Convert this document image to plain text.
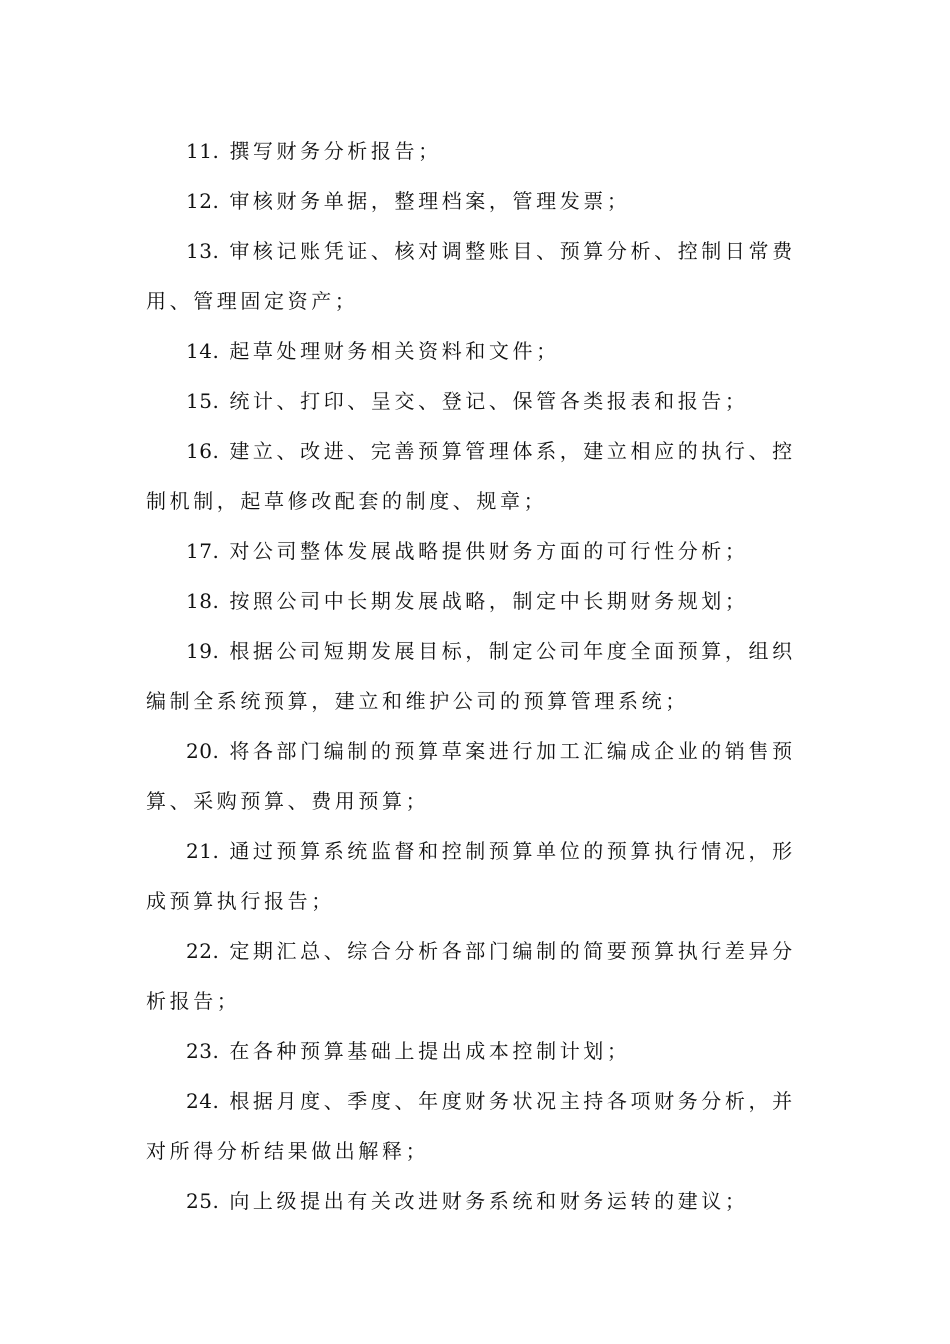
11. 撰写财务分析报告；

12. 审核财务单据，整理档案，管理发票；

13. 审核记账凭证、核对调整账目、预算分析、控制日常费用、管理固定资产；

14. 起草处理财务相关资料和文件；

15. 统计、打印、呈交、登记、保管各类报表和报告；

16. 建立、改进、完善预算管理体系，建立相应的执行、控制机制，起草修改配套的制度、规章；

17. 对公司整体发展战略提供财务方面的可行性分析；

18. 按照公司中长期发展战略，制定中长期财务规划；

19. 根据公司短期发展目标，制定公司年度全面预算，组织编制全系统预算，建立和维护公司的预算管理系统；

20. 将各部门编制的预算草案进行加工汇编成企业的销售预算、采购预算、费用预算；

21. 通过预算系统监督和控制预算单位的预算执行情况，形成预算执行报告；

22. 定期汇总、综合分析各部门编制的简要预算执行差异分析报告；

23. 在各种预算基础上提出成本控制计划；

24. 根据月度、季度、年度财务状况主持各项财务分析，并对所得分析结果做出解释；

25. 向上级提出有关改进财务系统和财务运转的建议；
